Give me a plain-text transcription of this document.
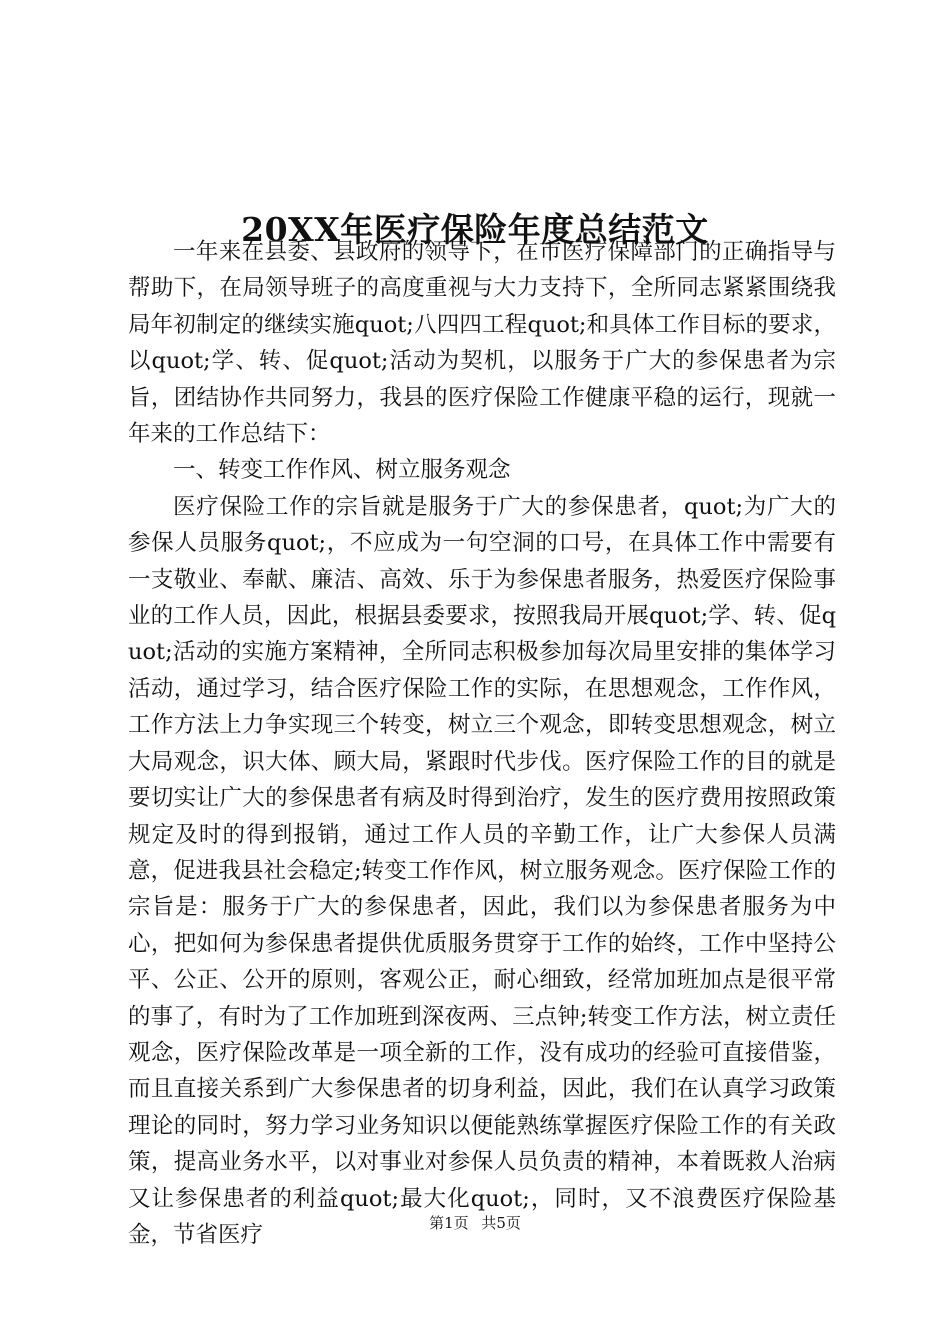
20XX年医疗保险年度总结范文

一年来在县委、县政府的领导下，在市医疗保障部门的正确指导与帮助下，在局领导班子的高度重视与大力支持下，全所同志紧紧围绕我局年初制定的继续实施quot;八四四工程quot;和具体工作目标的要求，以quot;学、转、促quot;活动为契机，以服务于广大的参保患者为宗旨，团结协作共同努力，我县的医疗保险工作健康平稳的运行，现就一年来的工作总结下：

一、转变工作作风、树立服务观念

医疗保险工作的宗旨就是服务于广大的参保患者，quot;为广大的参保人员服务quot;，不应成为一句空洞的口号，在具体工作中需要有一支敬业、奉献、廉洁、高效、乐于为参保患者服务，热爱医疗保险事业的工作人员，因此，根据县委要求，按照我局开展quot;学、转、促quot;活动的实施方案精神，全所同志积极参加每次局里安排的集体学习活动，通过学习，结合医疗保险工作的实际，在思想观念，工作作风，工作方法上力争实现三个转变，树立三个观念，即转变思想观念，树立大局观念，识大体、顾大局，紧跟时代步伐。医疗保险工作的目的就是要切实让广大的参保患者有病及时得到治疗，发生的医疗费用按照政策规定及时的得到报销，通过工作人员的辛勤工作，让广大参保人员满意，促进我县社会稳定;转变工作作风，树立服务观念。医疗保险工作的宗旨是：服务于广大的参保患者，因此，我们以为参保患者服务为中心，把如何为参保患者提供优质服务贯穿于工作的始终，工作中坚持公平、公正、公开的原则，客观公正，耐心细致，经常加班加点是很平常的事了，有时为了工作加班到深夜两、三点钟;转变工作方法，树立责任观念，医疗保险改革是一项全新的工作，没有成功的经验可直接借鉴，而且直接关系到广大参保患者的切身利益，因此，我们在认真学习政策理论的同时，努力学习业务知识以便能熟练掌握医疗保险工作的有关政策，提高业务水平，以对事业对参保人员负责的精神，本着既救人治病又让参保患者的利益quot;最大化quot;，同时，又不浪费医疗保险基金，节省医疗	第1页 共5页
